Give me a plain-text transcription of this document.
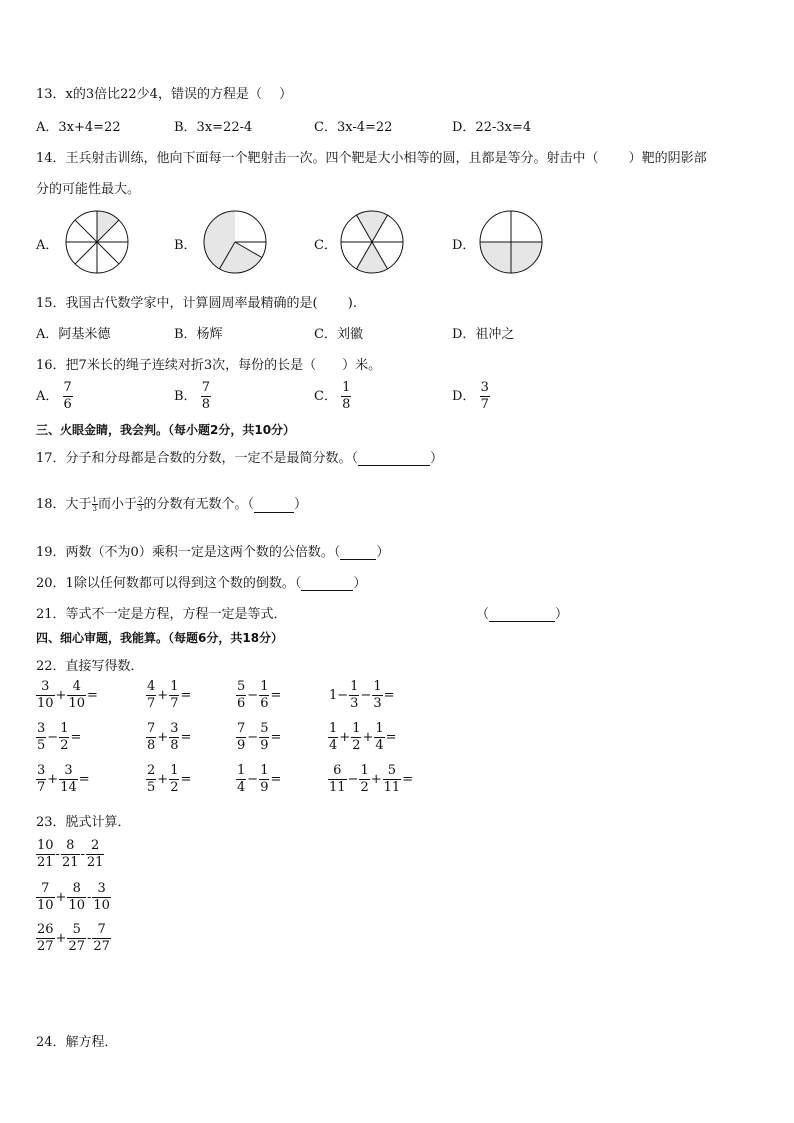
13．x的3倍比22少4，错误的方程是（　 ）
A．3x+4=22	B．3x=22-4	C．3x-4=22	D．22-3x=4
14．王兵射击训练，他向下面每一个靶射击一次。四个靶是大小相等的圆，且都是等分。射击中（　　 ）靶的阴影部
分的可能性最大。
A．	B．	C．	D．
15．我国古代数学家中，计算圆周率最精确的是(　　 ).
A．阿基米德	B．杨辉	C．刘徽	D．祖冲之
16．把7米长的绳子连续对折3次，每份的长是（　　）米。
A． $\frac{7}{6}$	B． $\frac{7}{8}$	C． $\frac{1}{8}$	D． $\frac{3}{7}$
三、火眼金睛，我会判。（每小题2分，共10分）
17．分子和分母都是合数的分数，一定不是最简分数。（	）
18．大于 $\frac{1}{3}$ 而小于 $\frac{2}{3}$ 的分数有无数个。（	）
19．两数（不为0）乘积一定是这两个数的公倍数。（	）
20．1除以任何数都可以得到这个数的倒数。（	）
21．等式不一定是方程，方程一定是等式．	（	）
四、细心审题，我能算。（每题6分，共18分）
22．直接写得数．
$\frac{3}{10} + \frac{4}{10}$ =	$\frac{4}{7} + \frac{1}{7}$ =	$\frac{5}{6} - \frac{1}{6}$ =	$1- \frac{1}{3} - \frac{1}{3}$ =
$\frac{3}{5} - \frac{1}{2}$ =	$\frac{7}{8} + \frac{3}{8}$ =	$\frac{7}{9} - \frac{5}{9}$ =	$\frac{1}{4} + \frac{1}{2} + \frac{1}{4}$ =
$\frac{3}{7} + \frac{3}{14}$ =	$\frac{2}{5} + \frac{1}{2}$ =	$\frac{1}{4} - \frac{1}{9}$ =	$\frac{6}{11} - \frac{1}{2} + \frac{5}{11}$ =
23．脱式计算．
$\frac{10}{21} - \frac{8}{21} - \frac{2}{21}$
$\frac{7}{10} + \frac{8}{10} - \frac{3}{10}$
$\frac{26}{27} + \frac{5}{27} - \frac{7}{27}$
24．解方程．
